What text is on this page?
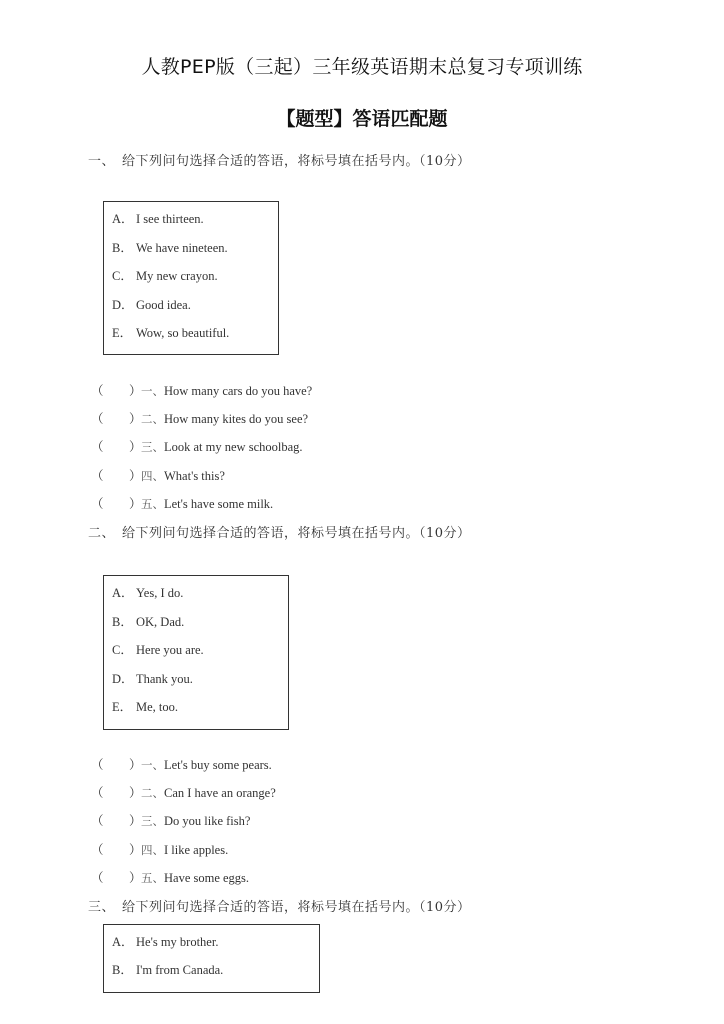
人教PEP版（三起）三年级英语期末总复习专项训练
【题型】答语匹配题
一、 给下列问句选择合适的答语，将标号填在括号内。（10分）
A． I see thirteen.
B． We have nineteen.
C． My new crayon.
D． Good idea.
E． Wow, so beautiful.
（ ）一、How many cars do you have?
（ ）二、How many kites do you see?
（ ）三、Look at my new schoolbag.
（ ）四、What's this?
（ ）五、Let's have some milk.
二、 给下列问句选择合适的答语，将标号填在括号内。（10分）
A． Yes, I do.
B． OK, Dad.
C． Here you are.
D． Thank you.
E． Me, too.
（ ）一、Let's buy some pears.
（ ）二、Can I have an orange?
（ ）三、Do you like fish?
（ ）四、I like apples.
（ ）五、Have some eggs.
三、 给下列问句选择合适的答语，将标号填在括号内。（10分）
A． He's my brother.
B． I'm from Canada.
